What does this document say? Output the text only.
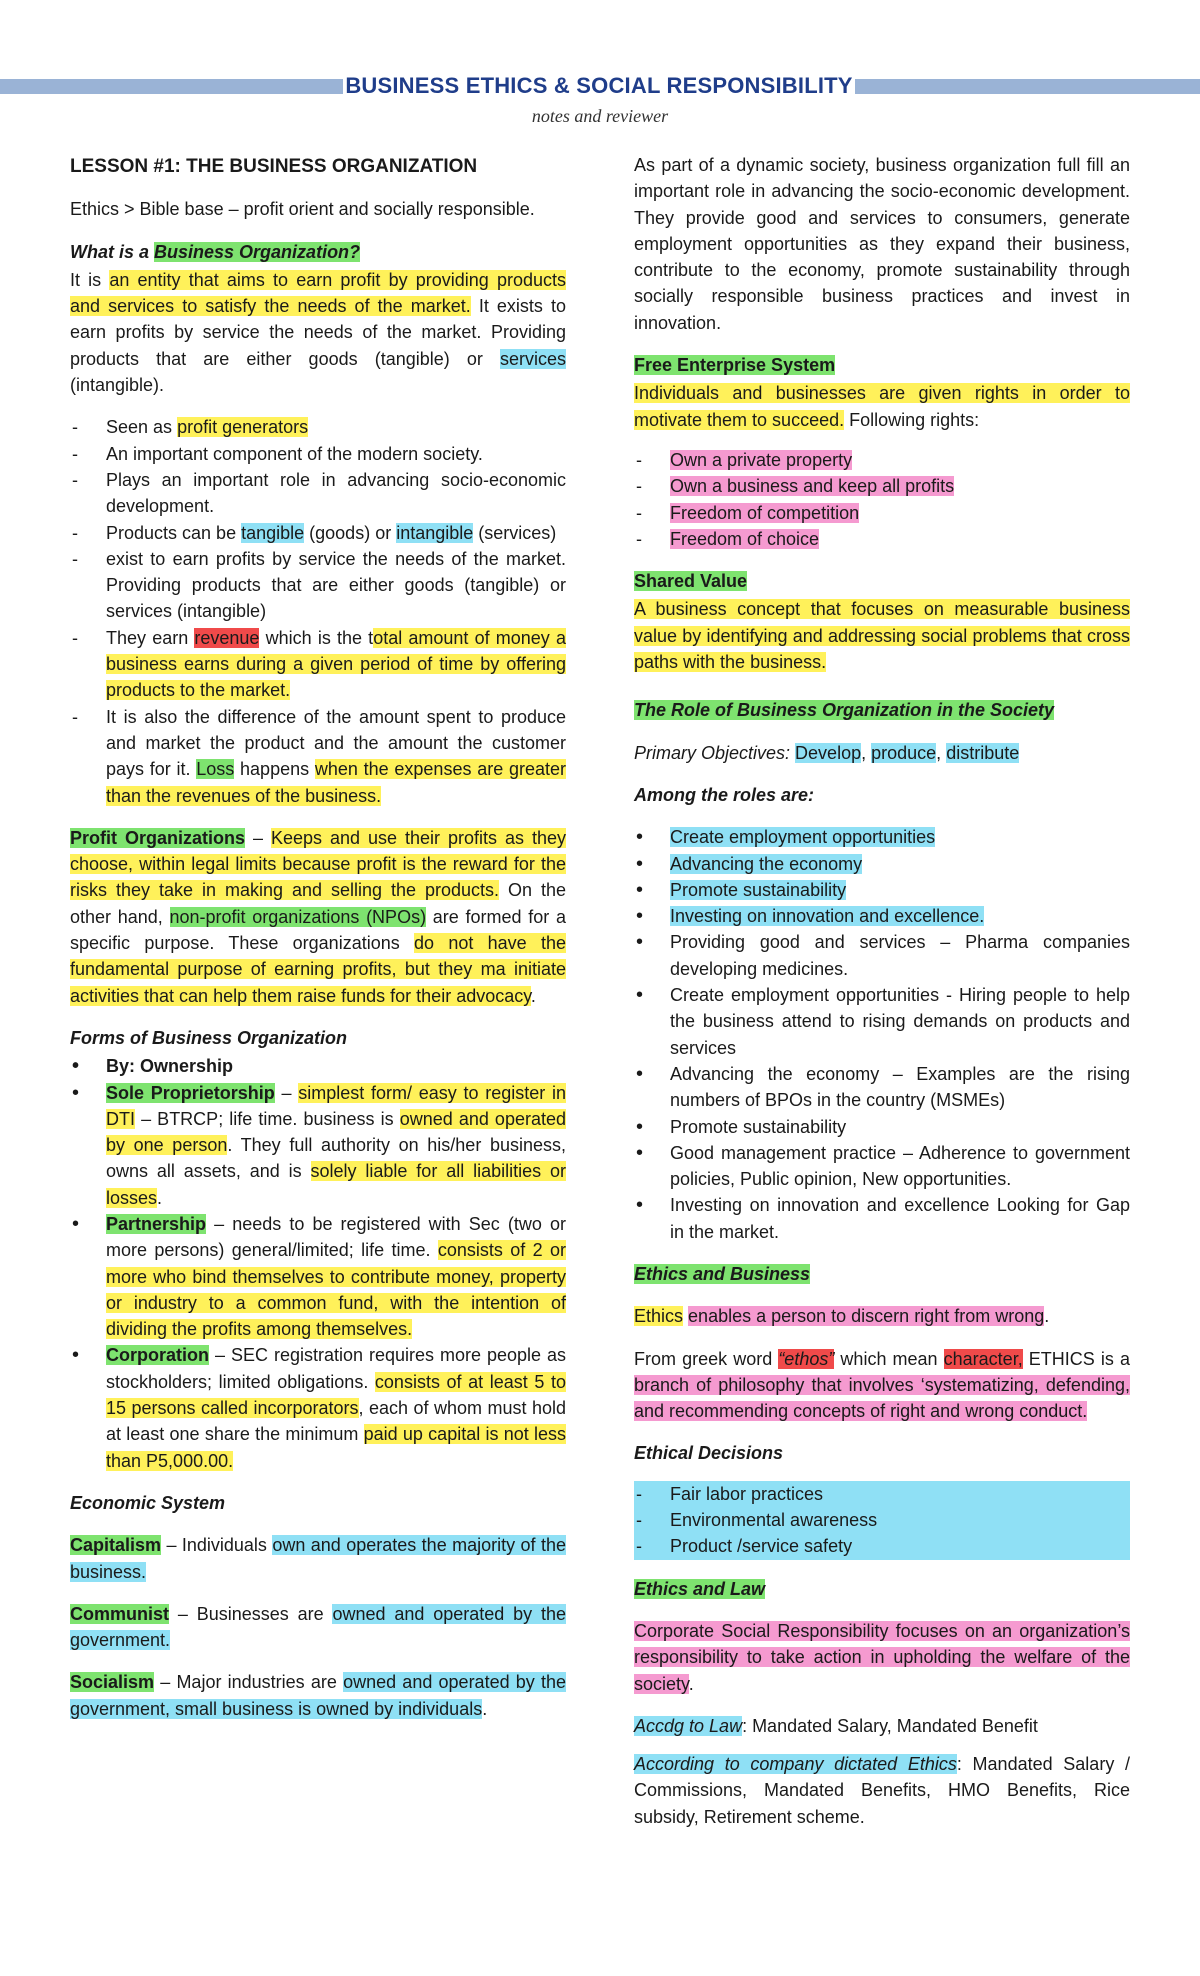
BUSINESS ETHICS & SOCIAL RESPONSIBILITY
notes and reviewer
LESSON #1: THE BUSINESS ORGANIZATION

Ethics > Bible base – profit orient and socially responsible.

What is a Business Organization?

It is an entity that aims to earn profit by providing products and services to satisfy the needs of the market. It exists to earn profits by service the needs of the market. Providing products that are either goods (tangible) or services (intangible).

- Seen as profit generators
- An important component of the modern society.
- Plays an important role in advancing socio-economic development.
- Products can be tangible (goods) or intangible (services)
- exist to earn profits by service the needs of the market. Providing products that are either goods (tangible) or services (intangible)
- They earn revenue which is the total amount of money a business earns during a given period of time by offering products to the market.
- It is also the difference of the amount spent to produce and market the product and the amount the customer pays for it. Loss happens when the expenses are greater than the revenues of the business.

Profit Organizations – Keeps and use their profits as they choose, within legal limits because profit is the reward for the risks they take in making and selling the products. On the other hand, non-profit organizations (NPOs) are formed for a specific purpose. These organizations do not have the fundamental purpose of earning profits, but they ma initiate activities that can help them raise funds for their advocacy.

Forms of Business Organization

• By: Ownership
• Sole Proprietorship – simplest form/ easy to register in DTI – BTRCP; life time. business is owned and operated by one person. They full authority on his/her business, owns all assets, and is solely liable for all liabilities or losses.
• Partnership – needs to be registered with Sec (two or more persons) general/limited; life time. consists of 2 or more who bind themselves to contribute money, property or industry to a common fund, with the intention of dividing the profits among themselves.
• Corporation – SEC registration requires more people as stockholders; limited obligations. consists of at least 5 to 15 persons called incorporators, each of whom must hold at least one share the minimum paid up capital is not less than P5,000.00.

Economic System

Capitalism – Individuals own and operates the majority of the business.

Communist – Businesses are owned and operated by the government.

Socialism – Major industries are owned and operated by the government, small business is owned by individuals.

As part of a dynamic society, business organization full fill an important role in advancing the socio-economic development. They provide good and services to consumers, generate employment opportunities as they expand their business, contribute to the economy, promote sustainability through socially responsible business practices and invest in innovation.

Free Enterprise System

Individuals and businesses are given rights in order to motivate them to succeed. Following rights:

- Own a private property
- Own a business and keep all profits
- Freedom of competition
- Freedom of choice

Shared Value

A business concept that focuses on measurable business value by identifying and addressing social problems that cross paths with the business.

The Role of Business Organization in the Society

Primary Objectives: Develop, produce, distribute

Among the roles are:

• Create employment opportunities
• Advancing the economy
• Promote sustainability
• Investing on innovation and excellence.
• Providing good and services – Pharma companies developing medicines.
• Create employment opportunities - Hiring people to help the business attend to rising demands on products and services
• Advancing the economy – Examples are the rising numbers of BPOs in the country (MSMEs)
• Promote sustainability
• Good management practice – Adherence to government policies, Public opinion, New opportunities.
• Investing on innovation and excellence Looking for Gap in the market.

Ethics and Business

Ethics enables a person to discern right from wrong.

From greek word “ethos” which mean character, ETHICS is a branch of philosophy that involves ‘systematizing, defending, and recommending concepts of right and wrong conduct.

Ethical Decisions

- Fair labor practices
- Environmental awareness
- Product /service safety

Ethics and Law

Corporate Social Responsibility focuses on an organization’s responsibility to take action in upholding the welfare of the society.

Accdg to Law: Mandated Salary, Mandated Benefit

According to company dictated Ethics: Mandated Salary / Commissions, Mandated Benefits, HMO Benefits, Rice subsidy, Retirement scheme.
